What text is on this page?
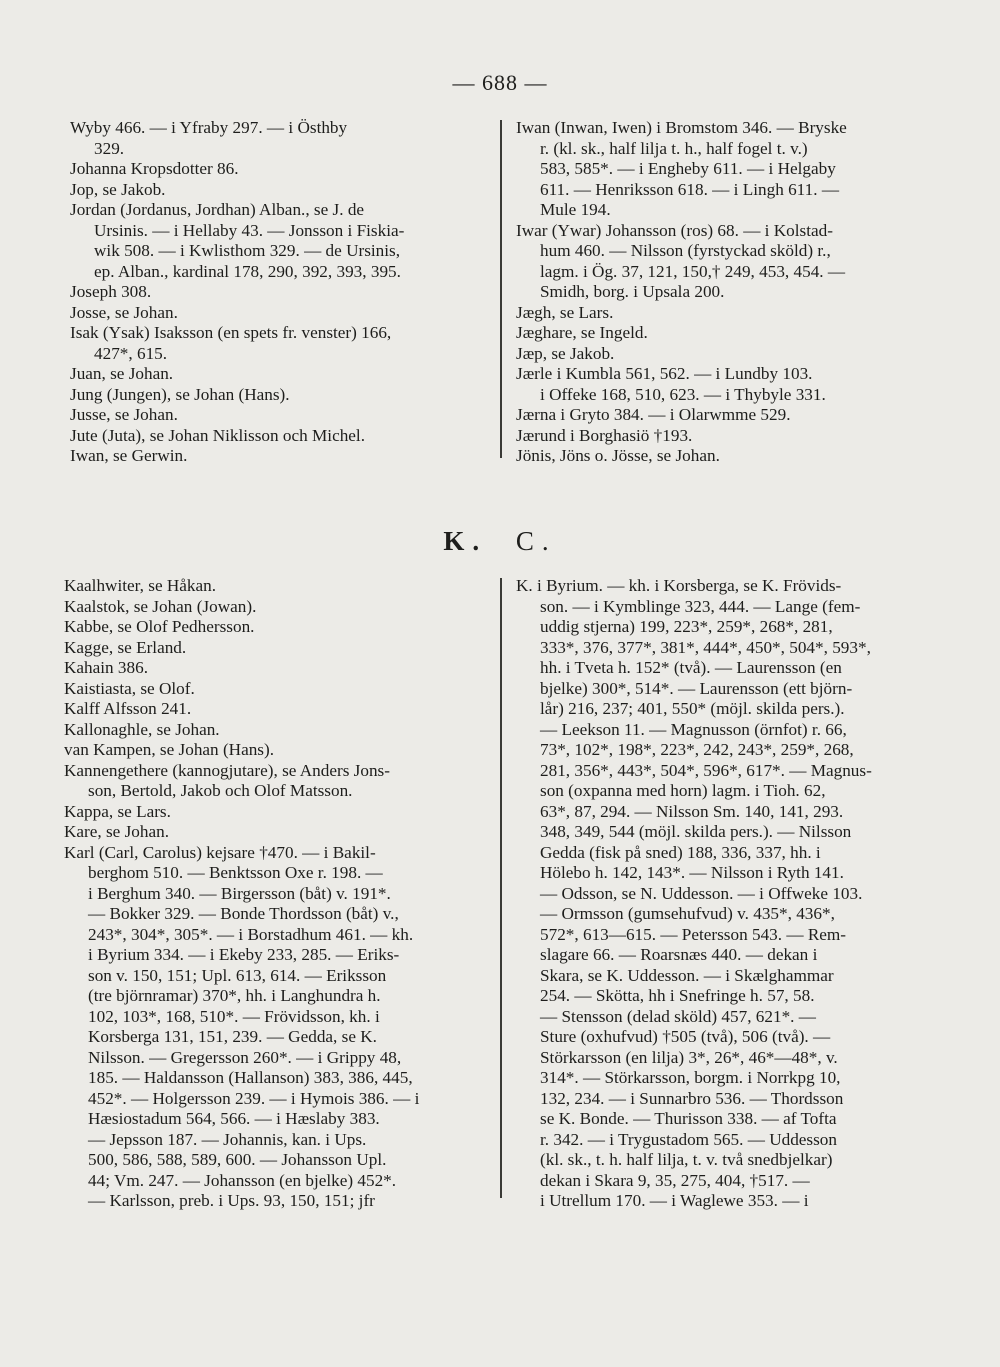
— 688 —
Wyby 466. — i Yfraby 297. — i Östhby
329.
Johanna Kropsdotter 86.
Jop, se Jakob.
Jordan (Jordanus, Jordhan) Alban., se J. de
Ursinis. — i Hellaby 43. — Jonsson i Fiskia-
wik 508. — i Kwlisthom 329. — de Ursinis,
ep. Alban., kardinal 178, 290, 392, 393, 395.
Joseph 308.
Josse, se Johan.
Isak (Ysak) Isaksson (en spets fr. venster) 166,
427*, 615.
Juan, se Johan.
Jung (Jungen), se Johan (Hans).
Jusse, se Johan.
Jute (Juta), se Johan Niklisson och Michel.
Iwan, se Gerwin.
Iwan (Inwan, Iwen) i Bromstom 346. — Bryske
r. (kl. sk., half lilja t. h., half fogel t. v.)
583, 585*. — i Engheby 611. — i Helgaby
611. — Henriksson 618. — i Lingh 611. —
Mule 194.
Iwar (Ywar) Johansson (ros) 68. — i Kolstad-
hum 460. — Nilsson (fyrstyckad sköld) r.,
lagm. i Ög. 37, 121, 150,† 249, 453, 454. —
Smidh, borg. i Upsala 200.
Jægh, se Lars.
Jæghare, se Ingeld.
Jæp, se Jakob.
Jærle i Kumbla 561, 562. — i Lundby 103.
i Offeke 168, 510, 623. — i Thybyle 331.
Jærna i Gryto 384. — i Olarwmme 529.
Jærund i Borghasiö †193.
Jönis, Jöns o. Jösse, se Johan.
K. C.
Kaalhwiter, se Håkan.
Kaalstok, se Johan (Jowan).
Kabbe, se Olof Pedhersson.
Kagge, se Erland.
Kahain 386.
Kaistiasta, se Olof.
Kalff Alfsson 241.
Kallonaghle, se Johan.
van Kampen, se Johan (Hans).
Kannengethere (kannogjutare), se Anders Jons-
son, Bertold, Jakob och Olof Matsson.
Kappa, se Lars.
Kare, se Johan.
Karl (Carl, Carolus) kejsare †470. — i Bakil-
berghom 510. — Benktsson Oxe r. 198. —
i Berghum 340. — Birgersson (båt) v. 191*.
— Bokker 329. — Bonde Thordsson (båt) v.,
243*, 304*, 305*. — i Borstadhum 461. — kh.
i Byrium 334. — i Ekeby 233, 285. — Eriks-
son v. 150, 151; Upl. 613, 614. — Eriksson
(tre björnramar) 370*, hh. i Langhundra h.
102, 103*, 168, 510*. — Frövidsson, kh. i
Korsberga 131, 151, 239. — Gedda, se K.
Nilsson. — Gregersson 260*. — i Grippy 48,
185. — Haldansson (Hallanson) 383, 386, 445,
452*. — Holgersson 239. — i Hymois 386. — i
Hæsiostadum 564, 566. — i Hæslaby 383.
— Jepsson 187. — Johannis, kan. i Ups.
500, 586, 588, 589, 600. — Johansson Upl.
44; Vm. 247. — Johansson (en bjelke) 452*.
— Karlsson, preb. i Ups. 93, 150, 151; jfr
K. i Byrium. — kh. i Korsberga, se K. Frövids-
son. — i Kymblinge 323, 444. — Lange (fem-
uddig stjerna) 199, 223*, 259*, 268*, 281,
333*, 376, 377*, 381*, 444*, 450*, 504*, 593*,
hh. i Tveta h. 152* (två). — Laurensson (en
bjelke) 300*, 514*. — Laurensson (ett björn-
lår) 216, 237; 401, 550* (möjl. skilda pers.).
— Leekson 11. — Magnusson (örnfot) r. 66,
73*, 102*, 198*, 223*, 242, 243*, 259*, 268,
281, 356*, 443*, 504*, 596*, 617*. — Magnus-
son (oxpanna med horn) lagm. i Tioh. 62,
63*, 87, 294. — Nilsson Sm. 140, 141, 293.
348, 349, 544 (möjl. skilda pers.). — Nilsson
Gedda (fisk på sned) 188, 336, 337, hh. i
Hölebo h. 142, 143*. — Nilsson i Ryth 141.
— Odsson, se N. Uddesson. — i Offweke 103.
— Ormsson (gumsehufvud) v. 435*, 436*,
572*, 613—615. — Petersson 543. — Rem-
slagare 66. — Roarsnæs 440. — dekan i
Skara, se K. Uddesson. — i Skælghammar
254. — Skötta, hh i Snefringe h. 57, 58.
— Stensson (delad sköld) 457, 621*. —
Sture (oxhufvud) †505 (två), 506 (två). —
Störkarsson (en lilja) 3*, 26*, 46*—48*, v.
314*. — Störkarsson, borgm. i Norrkpg 10,
132, 234. — i Sunnarbro 536. — Thordsson
se K. Bonde. — Thurisson 338. — af Tofta
r. 342. — i Trygustadom 565. — Uddesson
(kl. sk., t. h. half lilja, t. v. två snedbjelkar)
dekan i Skara 9, 35, 275, 404, †517. —
i Utrellum 170. — i Waglewe 353. — i
